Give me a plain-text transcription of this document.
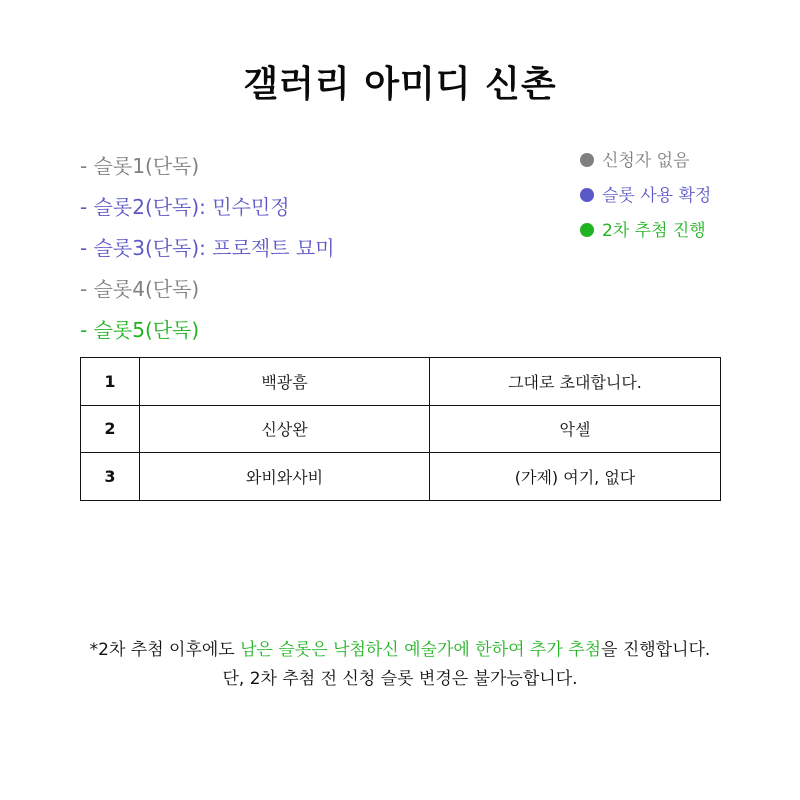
갤러리 아미디 신촌
- 슬롯1(단독)
- 슬롯2(단독): 민수민정
- 슬롯3(단독): 프로젝트 묘미
- 슬롯4(단독)
- 슬롯5(단독)
신청자 없음
슬롯 사용 확정
2차 추첨 진행
1	백광흠	그대로 초대합니다.
2	신상완	악셀
3	와비와사비	(가제) 여기, 없다
*2차 추첨 이후에도 남은 슬롯은 낙첨하신 예술가에 한하여 추가 추첨을 진행합니다.
단, 2차 추첨 전 신청 슬롯 변경은 불가능합니다.
